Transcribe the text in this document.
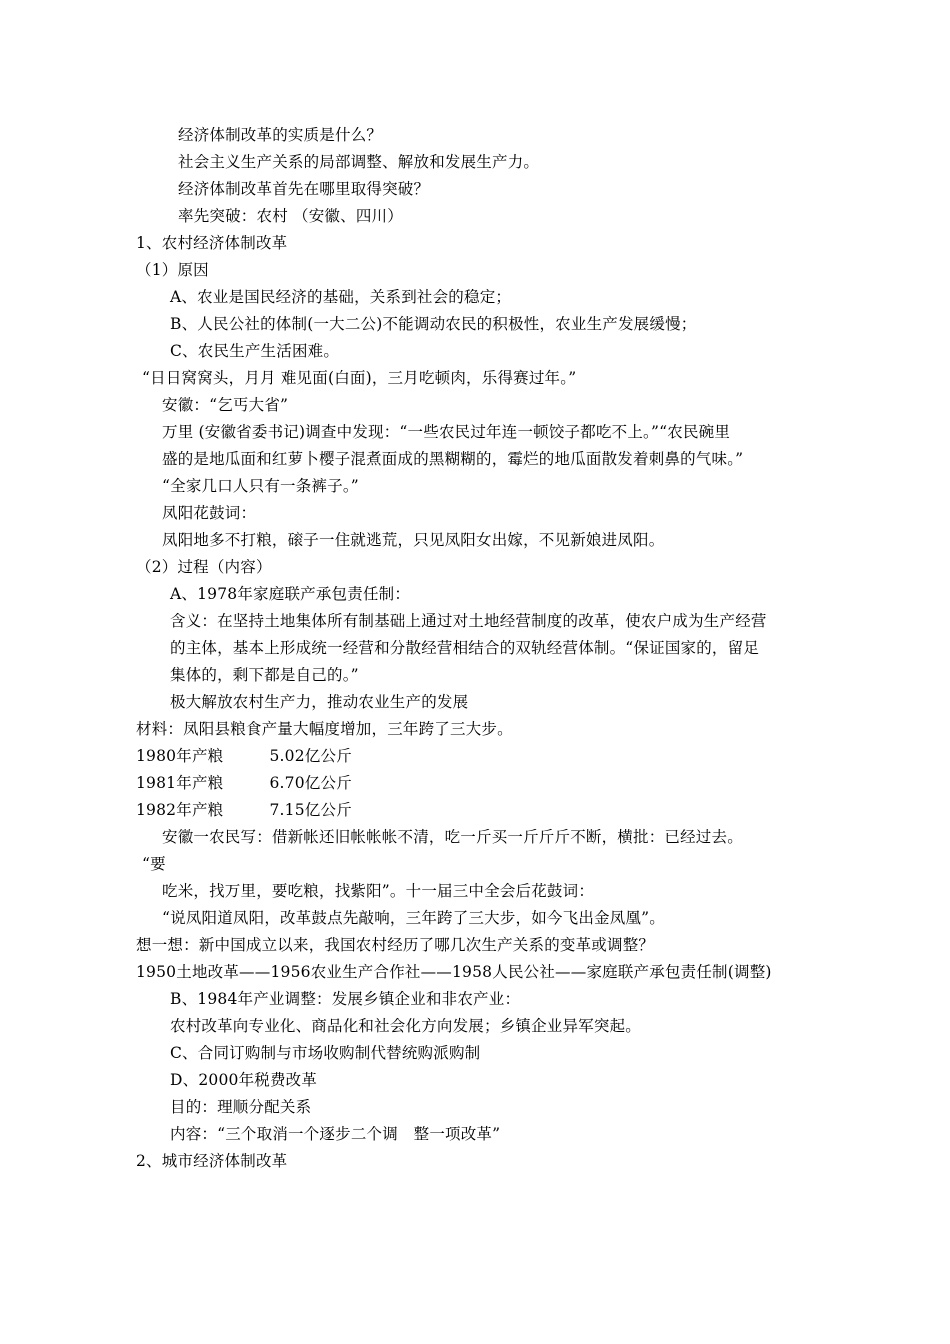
经济体制改革的实质是什么？
社会主义生产关系的局部调整、解放和发展生产力。
经济体制改革首先在哪里取得突破？
率先突破：农村 （安徽、四川）
1、农村经济体制改革
（1）原因
A、农业是国民经济的基础，关系到社会的稳定；
B、人民公社的体制(一大二公)不能调动农民的积极性，农业生产发展缓慢；
C、农民生产生活困难。
“日日窝窝头，月月 难见面(白面)，三月吃顿肉，乐得赛过年。”
安徽：“乞丐大省”
万里 (安徽省委书记)调查中发现：“一些农民过年连一顿饺子都吃不上。”“农民碗里
盛的是地瓜面和红萝卜樱子混煮面成的黑糊糊的，霉烂的地瓜面散发着刺鼻的气味。”
“全家几口人只有一条裤子。”
凤阳花鼓词：
凤阳地多不打粮，磙子一住就逃荒，只见凤阳女出嫁，不见新娘进凤阳。
（2）过程（内容）
A、1978年家庭联产承包责任制：
含义：在坚持土地集体所有制基础上通过对土地经营制度的改革，使农户成为生产经营
的主体，基本上形成统一经营和分散经营相结合的双轨经营体制。“保证国家的，留足
集体的，剩下都是自己的。”
极大解放农村生产力，推动农业生产的发展
材料：凤阳县粮食产量大幅度增加，三年跨了三大步。
1980年产粮         5.02亿公斤
1981年产粮         6.70亿公斤
1982年产粮         7.15亿公斤
安徽一农民写：借新帐还旧帐帐帐不清，吃一斤买一斤斤斤不断，横批：已经过去。
“要
吃米，找万里，要吃粮，找紫阳”。十一届三中全会后花鼓词：
“说凤阳道凤阳，改革鼓点先敲响，三年跨了三大步，如今飞出金凤凰”。
想一想：新中国成立以来，我国农村经历了哪几次生产关系的变革或调整？
1950土地改革——1956农业生产合作社——1958人民公社——家庭联产承包责任制(调整)
B、1984年产业调整：发展乡镇企业和非农产业：
农村改革向专业化、商品化和社会化方向发展；乡镇企业异军突起。
C、合同订购制与市场收购制代替统购派购制
D、2000年税费改革
目的：理顺分配关系
内容：“三个取消一个逐步二个调　整一项改革”
2、城市经济体制改革
